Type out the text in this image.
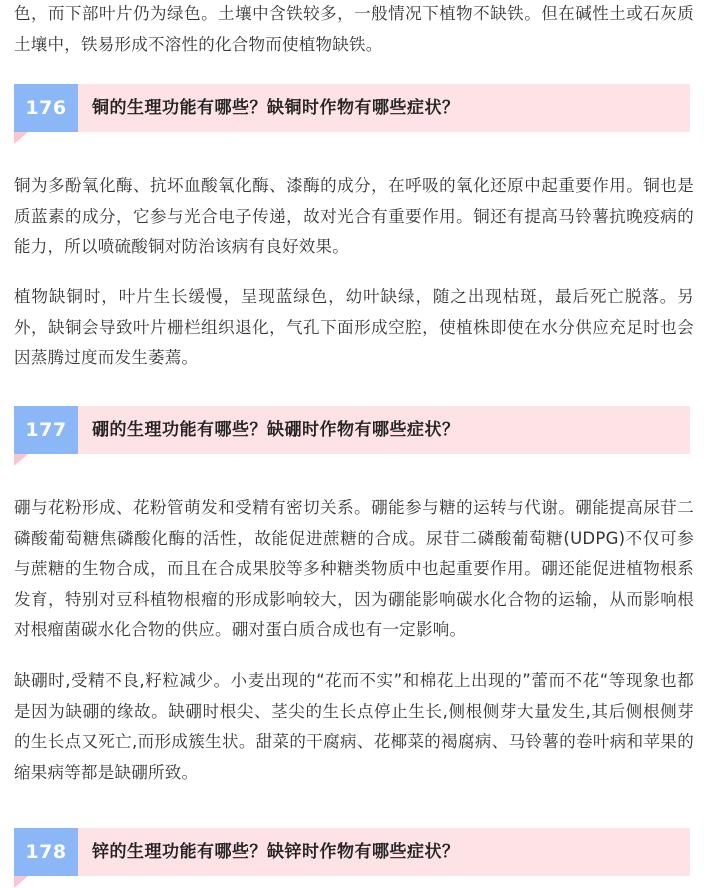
色，而下部叶片仍为绿色。土壤中含铁较多，一般情况下植物不缺铁。但在碱性土或石灰质土壤中，铁易形成不溶性的化合物而使植物缺铁。

176	铜的生理功能有哪些？缺铜时作物有哪些症状？

铜为多酚氧化酶、抗坏血酸氧化酶、漆酶的成分，在呼吸的氧化还原中起重要作用。铜也是质蓝素的成分，它参与光合电子传递，故对光合有重要作用。铜还有提高马铃薯抗晚疫病的能力，所以喷硫酸铜对防治该病有良好效果。

植物缺铜时，叶片生长缓慢，呈现蓝绿色，幼叶缺绿，随之出现枯斑，最后死亡脱落。另外，缺铜会导致叶片栅栏组织退化，气孔下面形成空腔，使植株即使在水分供应充足时也会因蒸腾过度而发生萎蔫。

177	硼的生理功能有哪些？缺硼时作物有哪些症状？

硼与花粉形成、花粉管萌发和受精有密切关系。硼能参与糖的运转与代谢。硼能提高尿苷二磷酸葡萄糖焦磷酸化酶的活性，故能促进蔗糖的合成。尿苷二磷酸葡萄糖(UDPG)不仅可参与蔗糖的生物合成，而且在合成果胶等多种糖类物质中也起重要作用。硼还能促进植物根系发育，特别对豆科植物根瘤的形成影响较大，因为硼能影响碳水化合物的运输，从而影响根对根瘤菌碳水化合物的供应。硼对蛋白质合成也有一定影响。

缺硼时,受精不良,籽粒减少。小麦出现的“花而不实”和棉花上出现的”蕾而不花“等现象也都是因为缺硼的缘故。缺硼时根尖、茎尖的生长点停止生长,侧根侧芽大量发生,其后侧根侧芽的生长点又死亡,而形成簇生状。甜菜的干腐病、花椰菜的褐腐病、马铃薯的卷叶病和苹果的缩果病等都是缺硼所致。

178	锌的生理功能有哪些？缺锌时作物有哪些症状？
